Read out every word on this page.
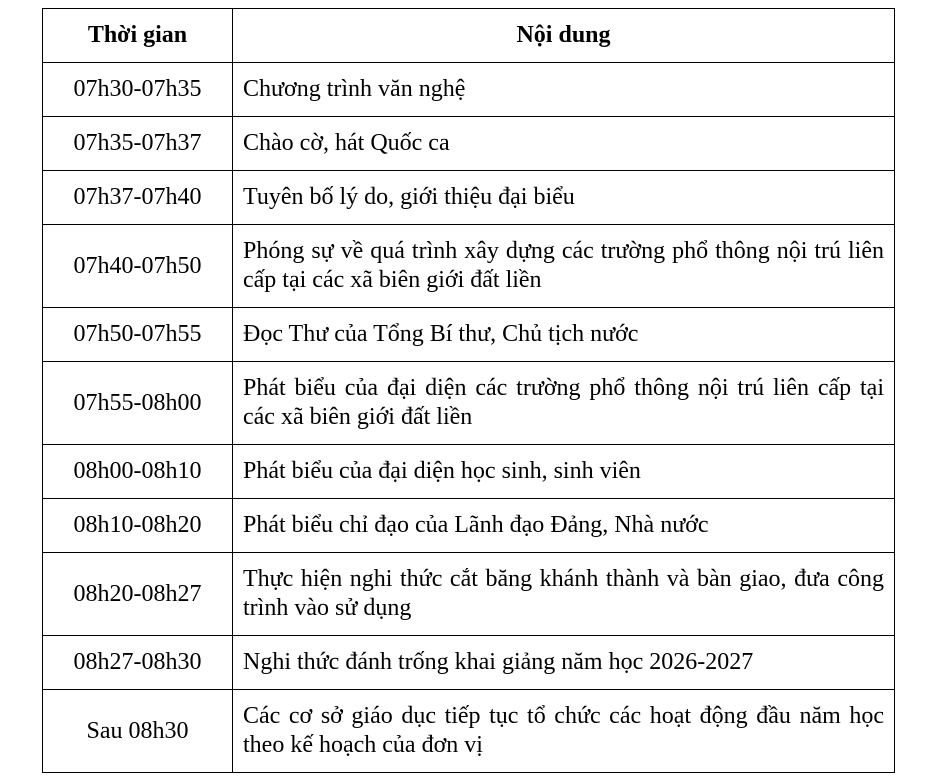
Thời gian	Nội dung
07h30-07h35	Chương trình văn nghệ

07h35-07h37	Chào cờ, hát Quốc ca

07h37-07h40	Tuyên bố lý do, giới thiệu đại biểu

07h40-07h50	Phóng sự về quá trình xây dựng các trường phổ thông nội trú liên cấp tại các xã biên giới đất liền

07h50-07h55	Đọc Thư của Tổng Bí thư, Chủ tịch nước

07h55-08h00	Phát biểu của đại diện các trường phổ thông nội trú liên cấp tại các xã biên giới đất liền

08h00-08h10	Phát biểu của đại diện học sinh, sinh viên

08h10-08h20	Phát biểu chỉ đạo của Lãnh đạo Đảng, Nhà nước

08h20-08h27	Thực hiện nghi thức cắt băng khánh thành và bàn giao, đưa công trình vào sử dụng

08h27-08h30	Nghi thức đánh trống khai giảng năm học 2026-2027

Sau 08h30	Các cơ sở giáo dục tiếp tục tổ chức các hoạt động đầu năm học theo kế hoạch của đơn vị
